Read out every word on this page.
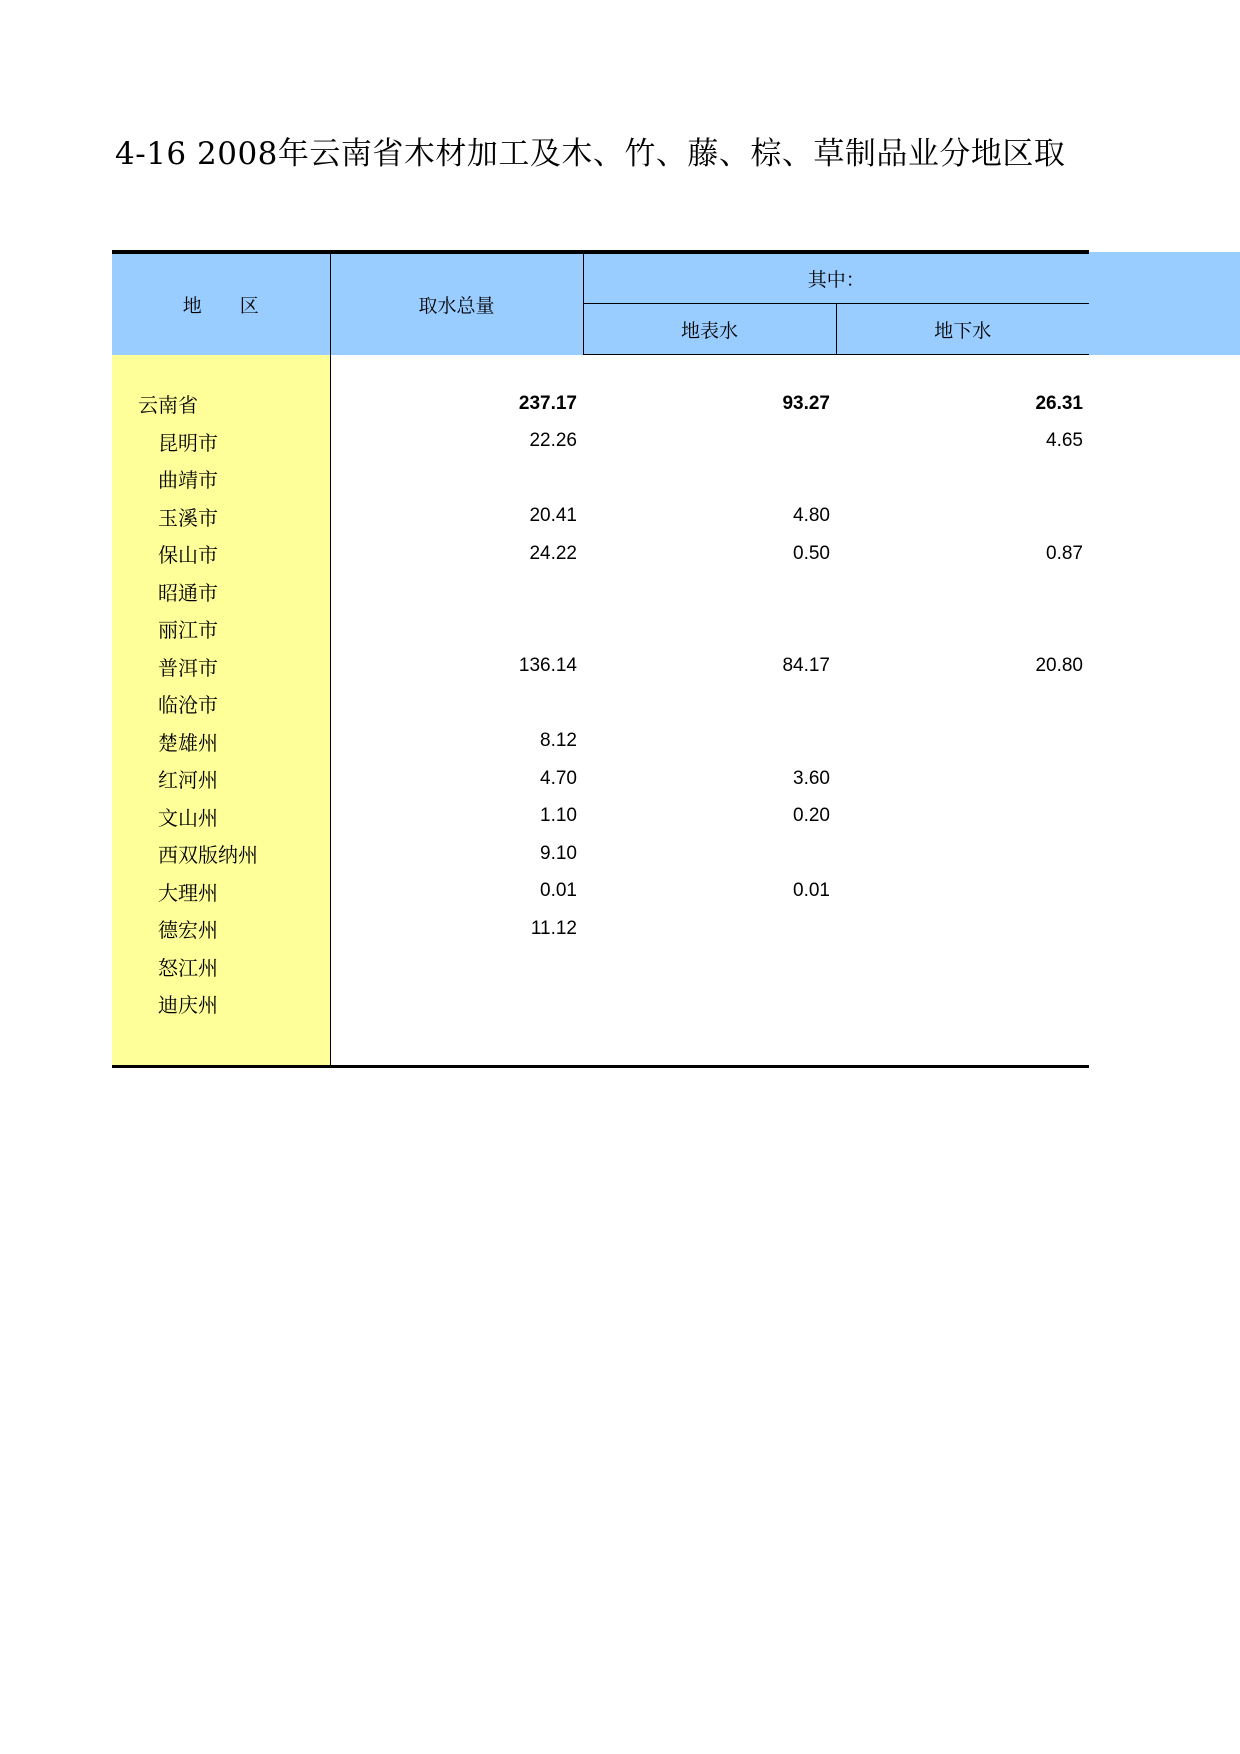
4-16 2008年云南省木材加工及木、竹、藤、棕、草制品业分地区取
地　　区	取水总量	其中：	
		地表水	地下水

云南省	237.17	93.27	26.31
昆明市	22.26		4.65
曲靖市			
玉溪市	20.41	4.80	
保山市	24.22	0.50	0.87
昭通市			
丽江市			
普洱市	136.14	84.17	20.80
临沧市			
楚雄州	8.12		
红河州	4.70	3.60	
文山州	1.10	0.20	
西双版纳州	9.10		
大理州	0.01	0.01	
德宏州	11.12		
怒江州			
迪庆州			
